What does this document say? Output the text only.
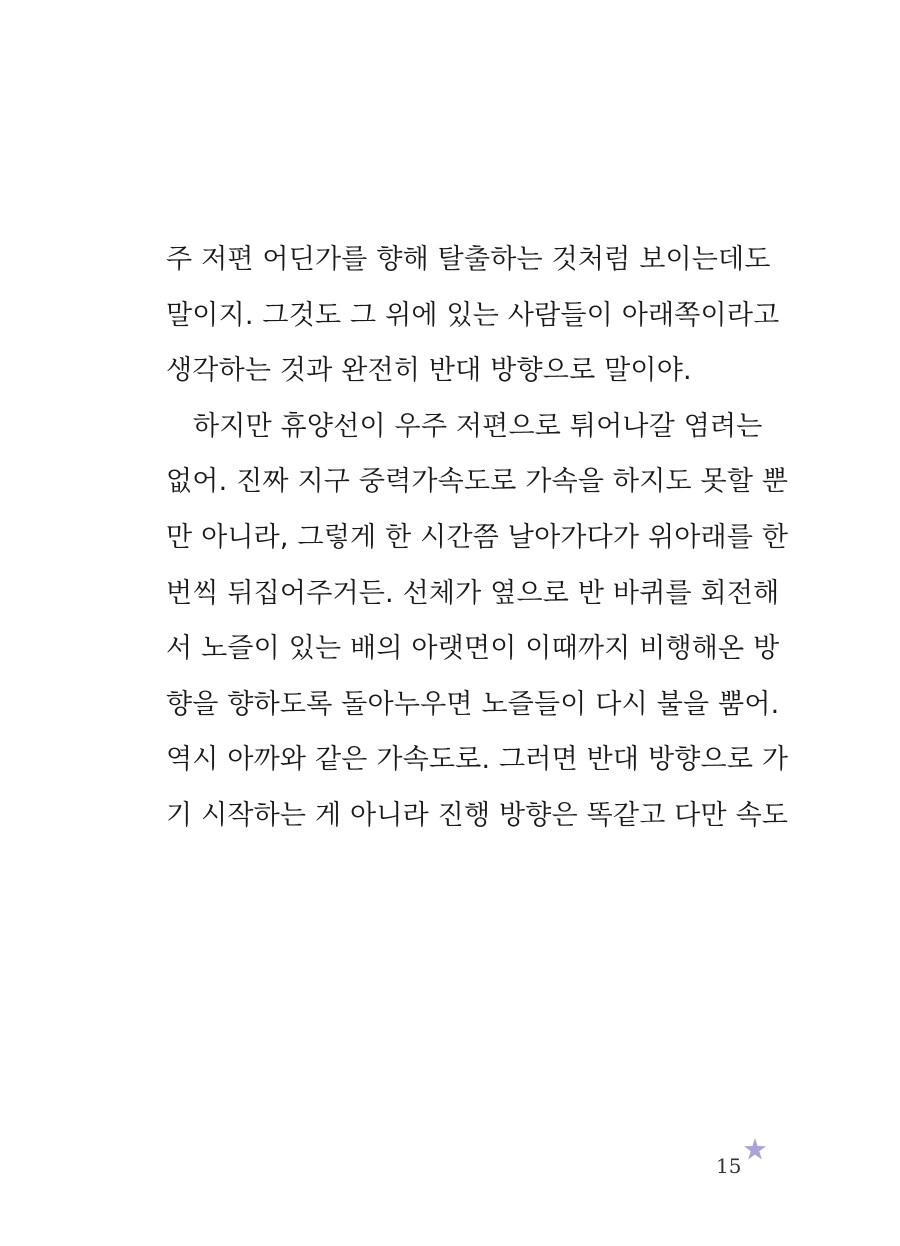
주 저편 어딘가를 향해 탈출하는 것처럼 보이는데도
말이지. 그것도 그 위에 있는 사람들이 아래쪽이라고
생각하는 것과 완전히 반대 방향으로 말이야.
하지만 휴양선이 우주 저편으로 튀어나갈 염려는
없어. 진짜 지구 중력가속도로 가속을 하지도 못할 뿐
만 아니라, 그렇게 한 시간쯤 날아가다가 위아래를 한
번씩 뒤집어주거든. 선체가 옆으로 반 바퀴를 회전해
서 노즐이 있는 배의 아랫면이 이때까지 비행해온 방
향을 향하도록 돌아누우면 노즐들이 다시 불을 뿜어.
역시 아까와 같은 가속도로. 그러면 반대 방향으로 가
기 시작하는 게 아니라 진행 방향은 똑같고 다만 속도
15
